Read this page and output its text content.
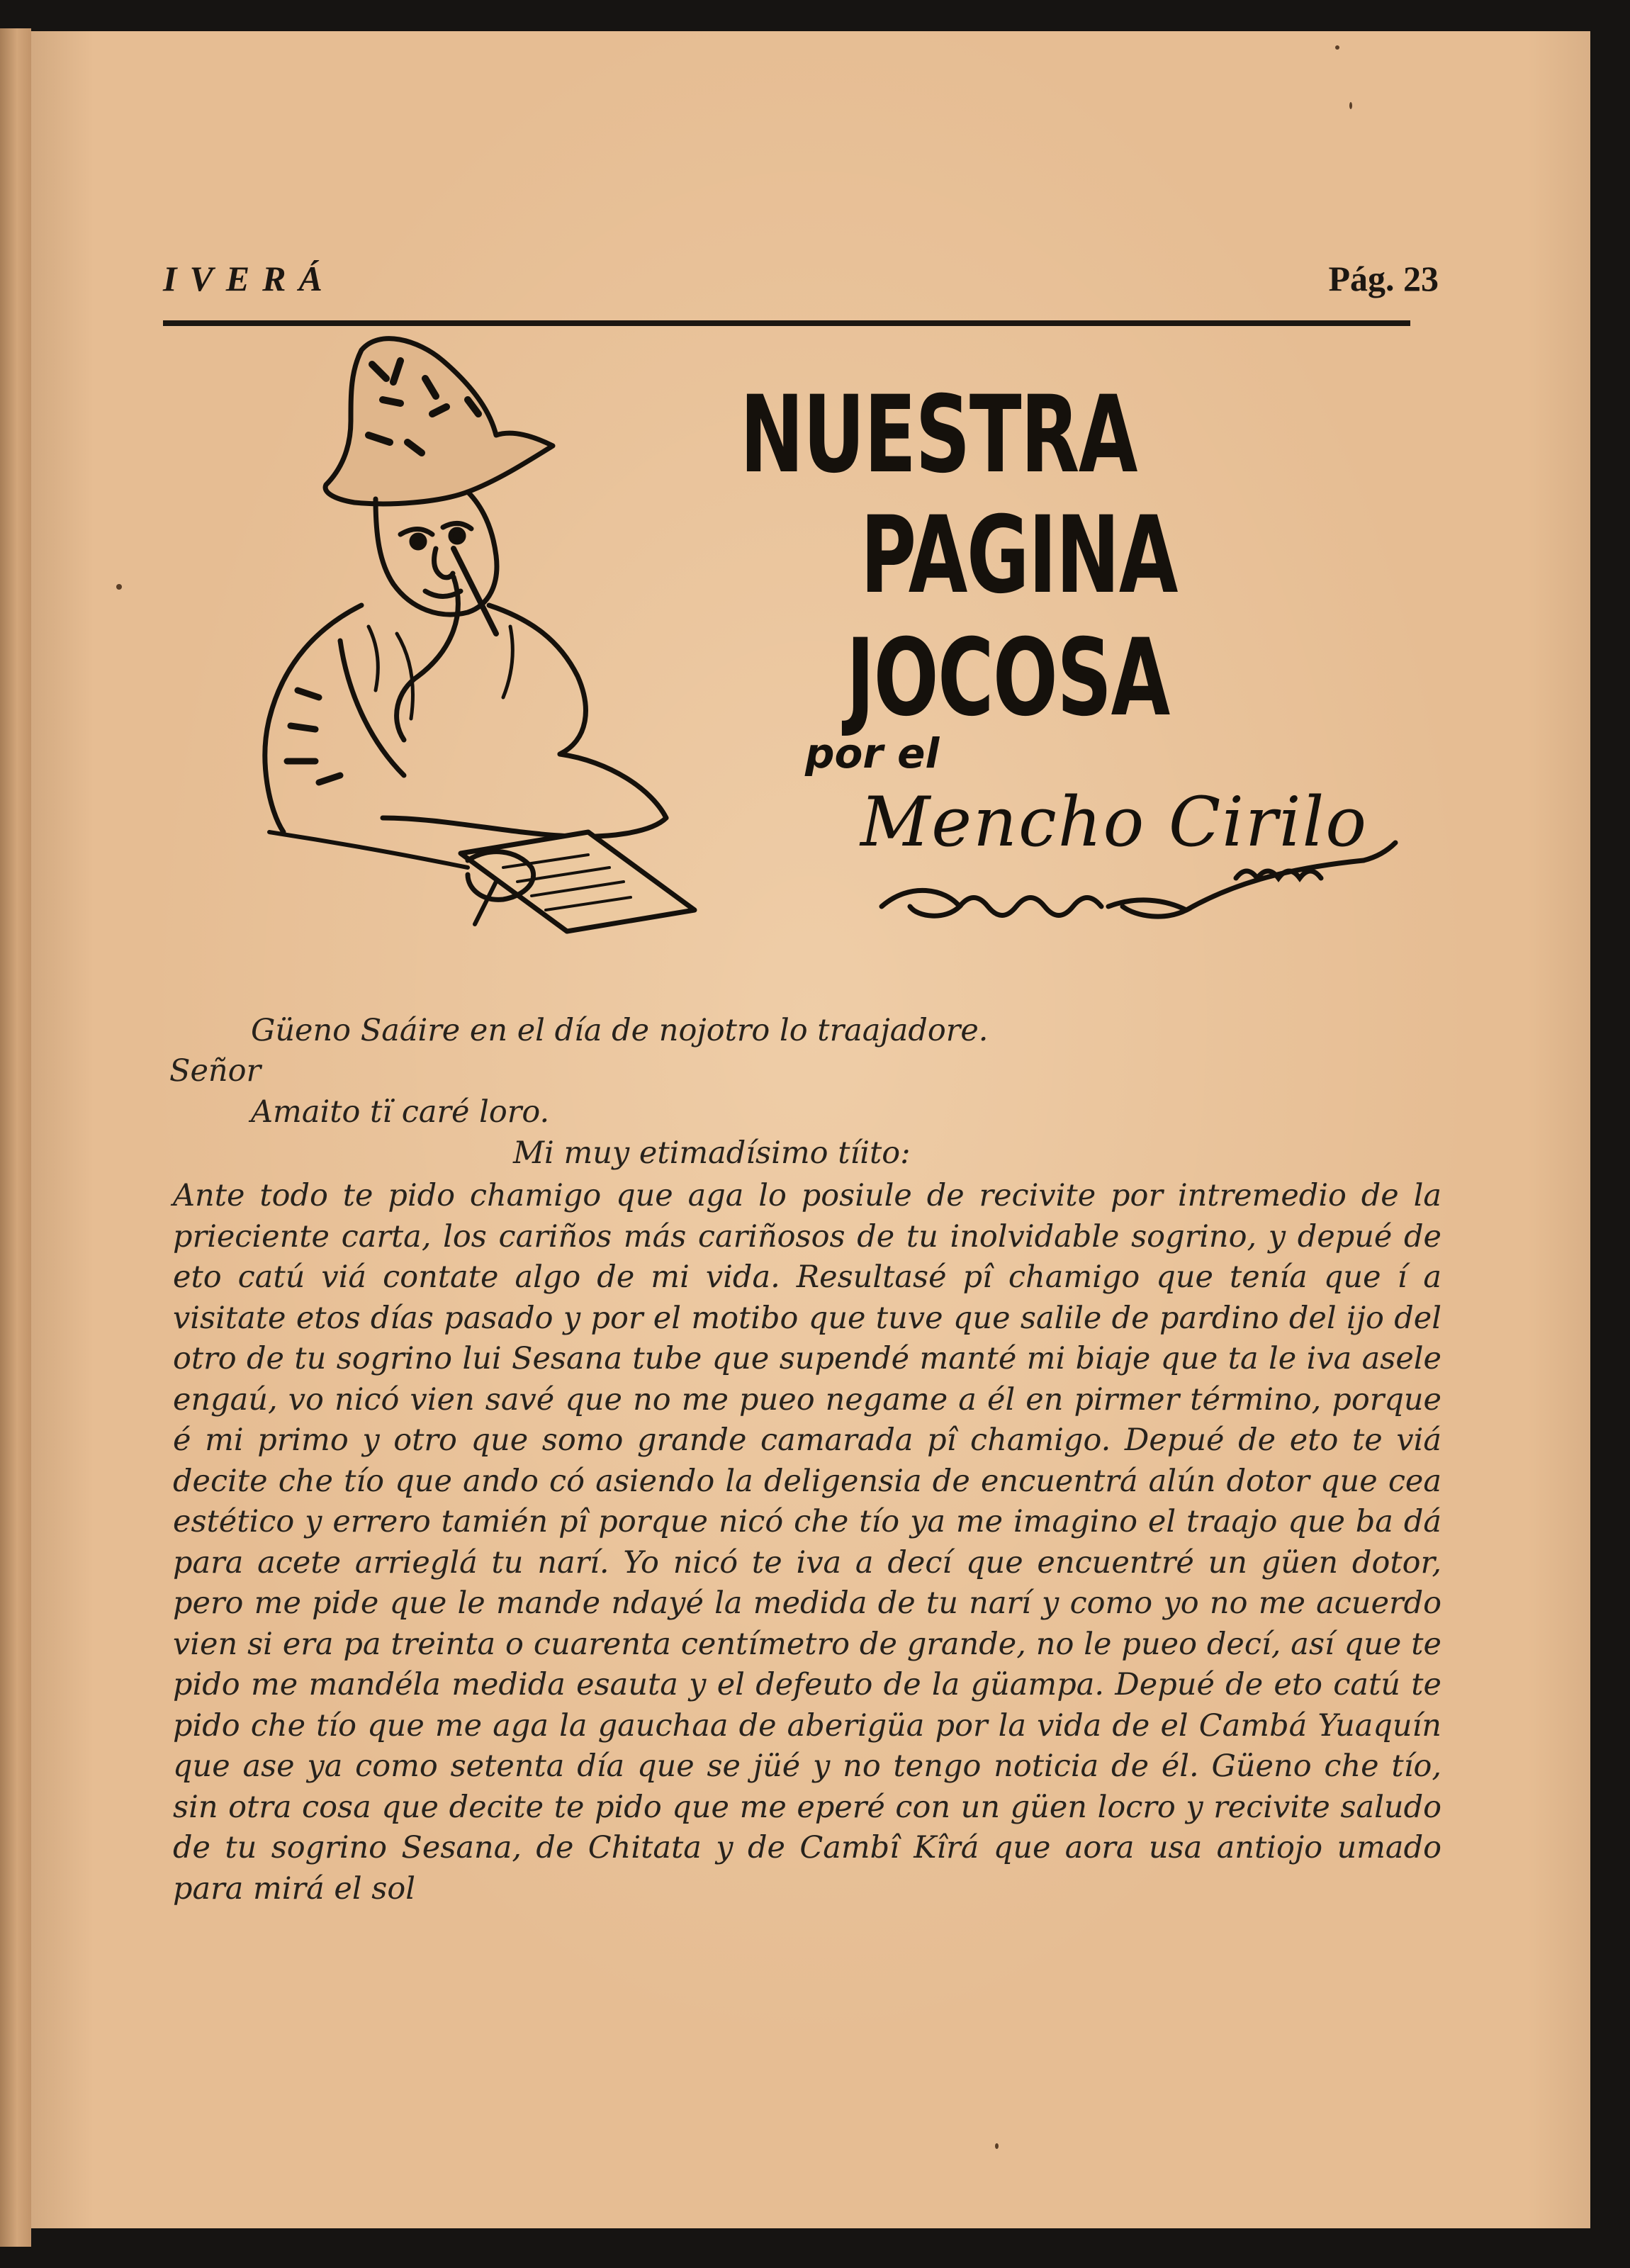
IVERÁ	Pág. 23
NUESTRA
PAGINA
JOCOSA
por el
Mencho Cirilo
Güeno Saáire en el día de nojotro lo traajadore.
Señor
Amaito tï caré loro.
Mi muy etimadísimo tíito:
Ante todo te pido chamigo que aga lo posiule de recivite por intremedio de la prieciente carta, los cariños más cariñosos de tu inolvidable sogrino, y depué de eto catú viá contate algo de mi vida. Resultasé pî chamigo que tenía que í a visitate etos días pasado y por el motibo que tuve que salile de pardino del ijo del otro de tu sogrino lui Sesana tube que supendé manté mi biaje que ta le iva asele engaú, vo nicó vien savé que no me pueo negame a él en pirmer término, porque é mi primo y otro que somo grande camarada pî chamigo. Depué de eto te viá decite che tío que ando có asiendo la deligensia de encuentrá alún dotor que cea estético y errero tamién pî porque nicó che tío ya me imagino el traajo que ba dá para acete arrieglá tu narí. Yo nicó te iva a decí que encuentré un güen dotor, pero me pide que le mande ndayé la medida de tu narí y como yo no me acuerdo vien si era pa treinta o cuarenta centímetro de grande, no le pueo decí, así que te pido me mandéla medida esauta y el defeuto de la güampa. Depué de eto catú te pido che tío que me aga la gauchaa de aberigüa por la vida de el Cambá Yuaquín que ase ya como setenta día que se jüé y no tengo noticia de él. Güeno che tío, sin otra cosa que decite te pido que me eperé con un güen locro y recivite saludo de tu sogrino Sesana, de Chitata y de Cambî Kîrá que aora usa antiojo umado para mirá el sol
